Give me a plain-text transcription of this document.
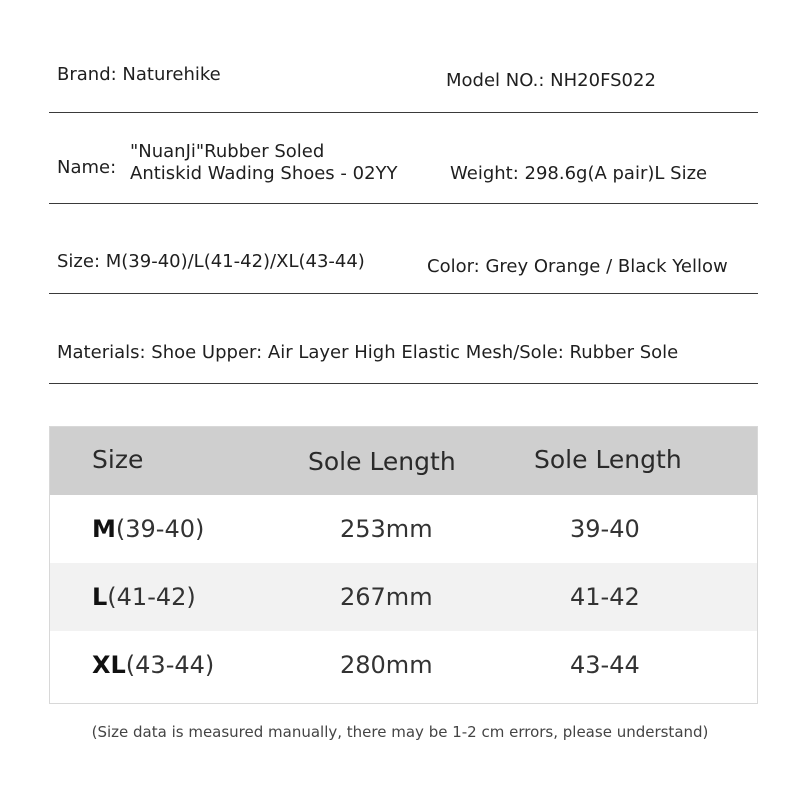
Brand: Naturehike	Model NO.: NH20FS022
Name:
"NuanJi"Rubber Soled
Antiskid Wading Shoes - 02YY	Weight: 298.6g(A pair)L Size
Size: M(39-40)/L(41-42)/XL(43-44)	Color: Grey Orange / Black Yellow
Materials: Shoe Upper: Air Layer High Elastic Mesh/Sole: Rubber Sole
Size	Sole Length	Sole Length
M(39-40)	253mm	39-40
L(41-42)	267mm	41-42
XL(43-44)	280mm	43-44
(Size data is measured manually, there may be 1-2 cm errors, please understand)
